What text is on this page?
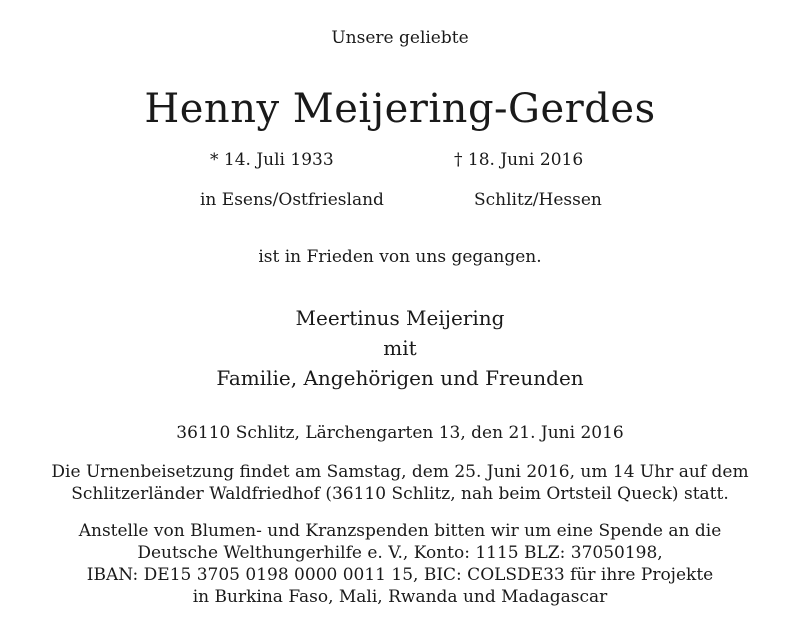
Unsere geliebte
Henny Meijering-Gerdes
* 14. Juli 1933	† 18. Juni 2016
in Esens/Ostfriesland	Schlitz/Hessen
ist in Frieden von uns gegangen.
Meertinus Meijering
mit
Familie, Angehörigen und Freunden
36110 Schlitz, Lärchengarten 13, den 21. Juni 2016
Die Urnenbeisetzung findet am Samstag, dem 25. Juni 2016, um 14 Uhr auf dem
Schlitzerländer Waldfriedhof (36110 Schlitz, nah beim Ortsteil Queck) statt.
Anstelle von Blumen- und Kranzspenden bitten wir um eine Spende an die
Deutsche Welthungerhilfe e. V., Konto: 1115 BLZ: 37050198,
IBAN: DE15 3705 0198 0000 0011 15, BIC: COLSDE33 für ihre Projekte
in Burkina Faso, Mali, Rwanda und Madagascar
